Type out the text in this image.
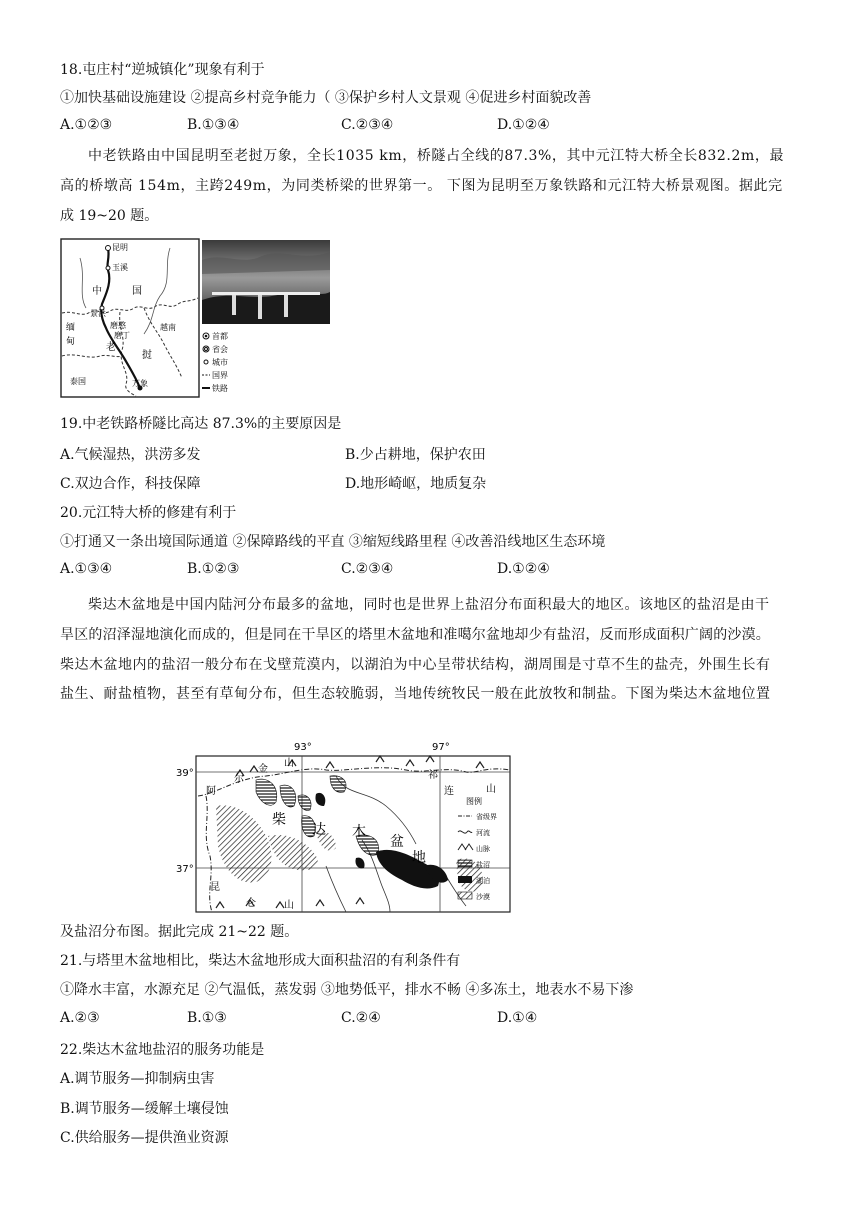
18.屯庄村“逆城镇化”现象有利于
①加快基础设施建设 ②提高乡村竞争能力（ ③保护乡村人文景观 ④促进乡村面貌改善
A.①②③	B.①③④	C.②③④	D.①②④
中老铁路由中国昆明至老挝万象，全长1035 km，桥隧占全线的87.3%，其中元江特大桥全长832.2m，最
高的桥墩高 154m，主跨249m，为同类桥梁的世界第一。 下图为昆明至万象铁路和元江特大桥景观图。据此完
成 19~20 题。
昆明
玉溪
中	国
景洪
磨憨
磨丁
越南
缅
甸	老
挝
泰国	万象
首都
省会
城市
国界
铁路
19.中老铁路桥隧比高达 87.3%的主要原因是
A.气候湿热，洪涝多发	B.少占耕地，保护农田
C.双边合作，科技保障	D.地形崎岖，地质复杂
20.元江特大桥的修建有利于
①打通又一条出境国际通道 ②保障路线的平直 ③缩短线路里程 ④改善沿线地区生态环境
A.①③④	B.①②③	C.②③④	D.①②④
柴达木盆地是中国内陆河分布最多的盆地，同时也是世界上盐沼分布面积最大的地区。该地区的盐沼是由干
旱区的沼泽湿地演化而成的，但是同在干旱区的塔里木盆地和准噶尔盆地却少有盐沼，反而形成面积广阔的沙漠。
柴达木盆地内的盐沼一般分布在戈壁荒漠内，以湖泊为中心呈带状结构，湖周围是寸草不生的盐壳，外围生长有
盐生、耐盐植物，甚至有草甸分布，但生态较脆弱，当地传统牧民一般在此放牧和制盐。下图为柴达木盆地位置
93°	97°
39°
37°
阿
尔
金
山
祁
连	山
柴
达 木
盆
地
昆
仑	山
图例
省级界
河流
山脉
盐沼
湖泊
沙漠
及盐沼分布图。据此完成 21~22 题。
21.与塔里木盆地相比，柴达木盆地形成大面积盐沼的有利条件有
①降水丰富，水源充足 ②气温低，蒸发弱 ③地势低平，排水不畅 ④多冻土，地表水不易下渗
A.②③	B.①③	C.②④	D.①④
22.柴达木盆地盐沼的服务功能是
A.调节服务—抑制病虫害
B.调节服务—缓解土壤侵蚀
C.供给服务—提供渔业资源
